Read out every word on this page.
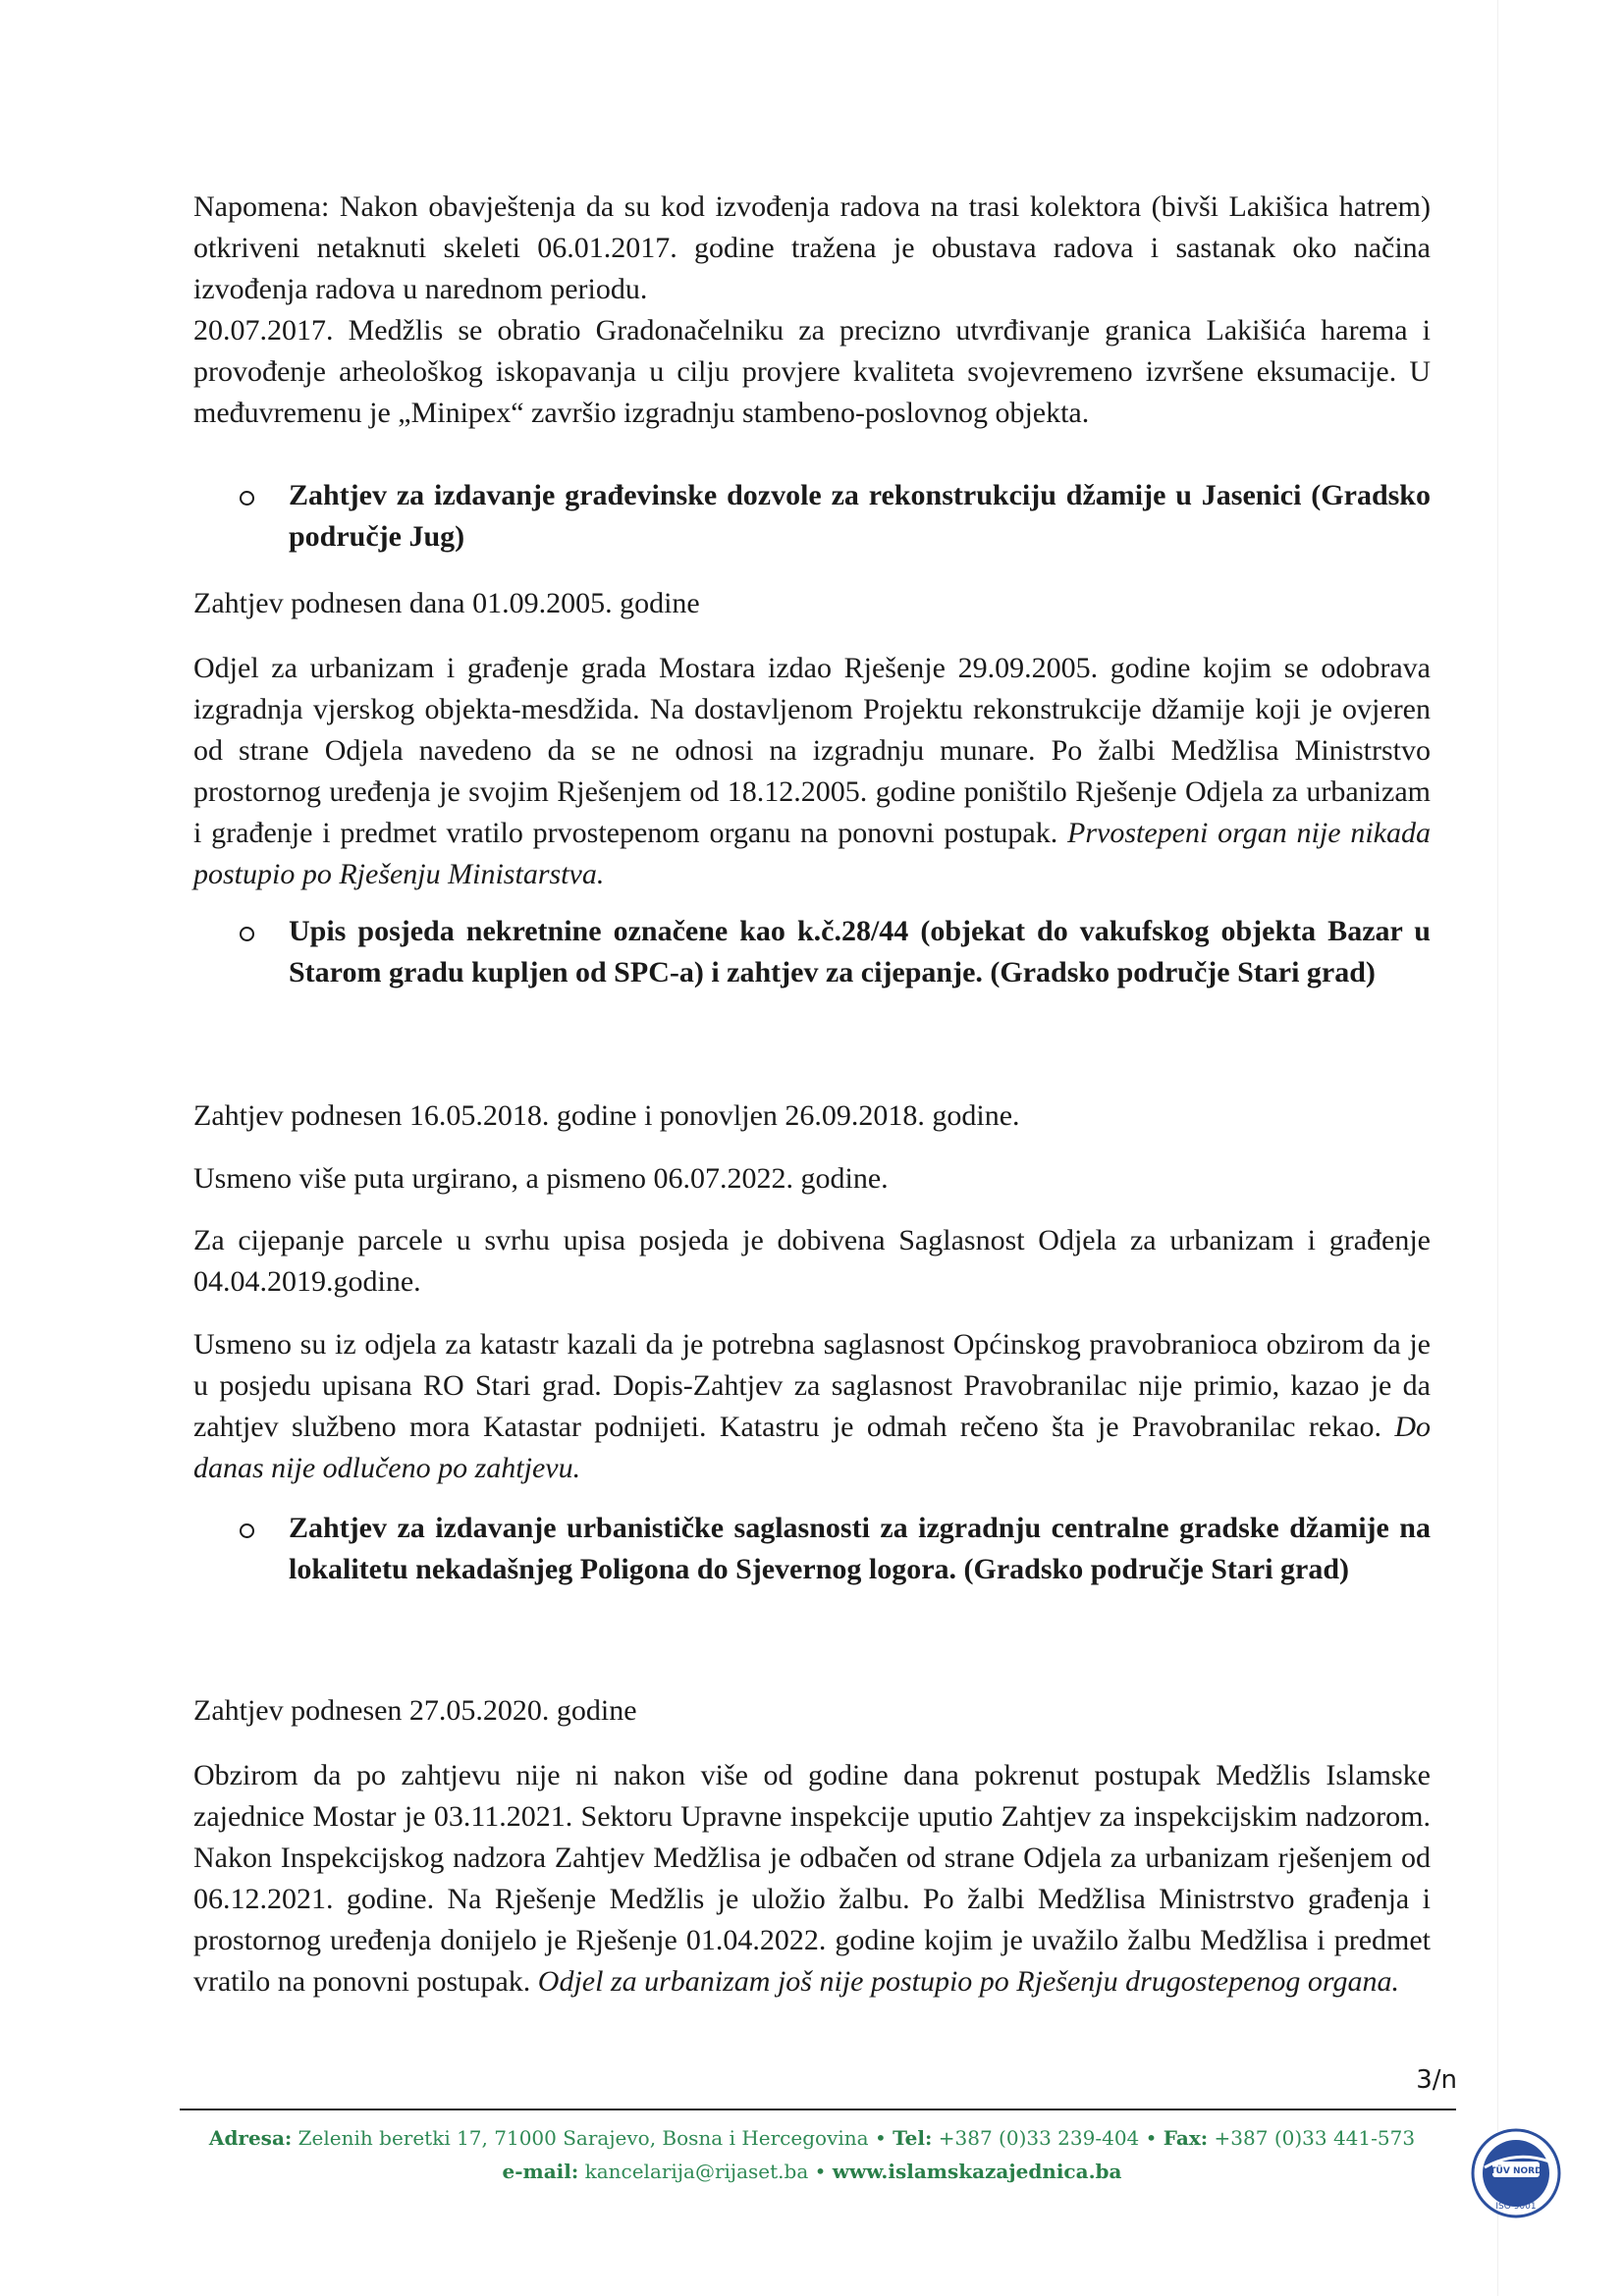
Napomena: Nakon obavještenja da su kod izvođenja radova na trasi kolektora (bivši Lakišica hatrem) otkriveni netaknuti skeleti 06.01.2017. godine tražena je obustava radova i sastanak oko načina izvođenja radova u narednom periodu.

20.07.2017. Medžlis se obratio Gradonačelniku za precizno utvrđivanje granica Lakišića harema i provođenje arheološkog iskopavanja u cilju provjere kvaliteta svojevremeno izvršene eksumacije. U međuvremenu je „Minipex“ završio izgradnju stambeno-poslovnog objekta.

Zahtjev za izdavanje građevinske dozvole za rekonstrukciju džamije u Jasenici (Gradsko područje Jug)

Zahtjev podnesen dana 01.09.2005. godine

Odjel za urbanizam i građenje grada Mostara izdao Rješenje 29.09.2005. godine kojim se odobrava izgradnja vjerskog objekta-mesdžida. Na dostavljenom Projektu rekonstrukcije džamije koji je ovjeren od strane Odjela navedeno da se ne odnosi na izgradnju munare. Po žalbi Medžlisa Ministrstvo prostornog uređenja je svojim Rješenjem od 18.12.2005. godine poništilo Rješenje Odjela za urbanizam i građenje i predmet vratilo prvostepenom organu na ponovni postupak. Prvostepeni organ nije nikada postupio po Rješenju Ministarstva.

Upis posjeda nekretnine označene kao k.č.28/44 (objekat do vakufskog objekta Bazar u Starom gradu kupljen od SPC-a) i zahtjev za cijepanje. (Gradsko područje Stari grad)

Zahtjev podnesen 16.05.2018. godine i ponovljen 26.09.2018. godine.

Usmeno više puta urgirano, a pismeno 06.07.2022. godine.

Za cijepanje parcele u svrhu upisa posjeda je dobivena Saglasnost Odjela za urbanizam i građenje 04.04.2019.godine.

Usmeno su iz odjela za katastr kazali da je potrebna saglasnost Općinskog pravobranioca obzirom da je u posjedu upisana RO Stari grad. Dopis-Zahtjev za saglasnost Pravobranilac nije primio, kazao je da zahtjev službeno mora Katastar podnijeti. Katastru je odmah rečeno šta je Pravobranilac rekao. Do danas nije odlučeno po zahtjevu.

Zahtjev za izdavanje urbanističke saglasnosti za izgradnju centralne gradske džamije na lokalitetu nekadašnjeg Poligona do Sjevernog logora. (Gradsko područje Stari grad)

Zahtjev podnesen 27.05.2020. godine

Obzirom da po zahtjevu nije ni nakon više od godine dana pokrenut postupak Medžlis Islamske zajednice Mostar je 03.11.2021. Sektoru Upravne inspekcije uputio Zahtjev za inspekcijskim nadzorom. Nakon Inspekcijskog nadzora Zahtjev Medžlisa je odbačen od strane Odjela za urbanizam rješenjem od 06.12.2021. godine. Na Rješenje Medžlis je uložio žalbu. Po žalbi Medžlisa Ministrstvo građenja i prostornog uređenja donijelo je Rješenje 01.04.2022. godine kojim je uvažilo žalbu Medžlisa i predmet vratilo na ponovni postupak. Odjel za urbanizam još nije postupio po Rješenju drugostepenog organa.

3/n
Adresa: Zelenih beretki 17, 71000 Sarajevo, Bosna i Hercegovina • Tel: +387 (0)33 239-404 • Fax: +387 (0)33 441-573
e-mail: kancelarija@rijaset.ba • www.islamskazajednica.ba	TÜV NORD
ISO 9001
